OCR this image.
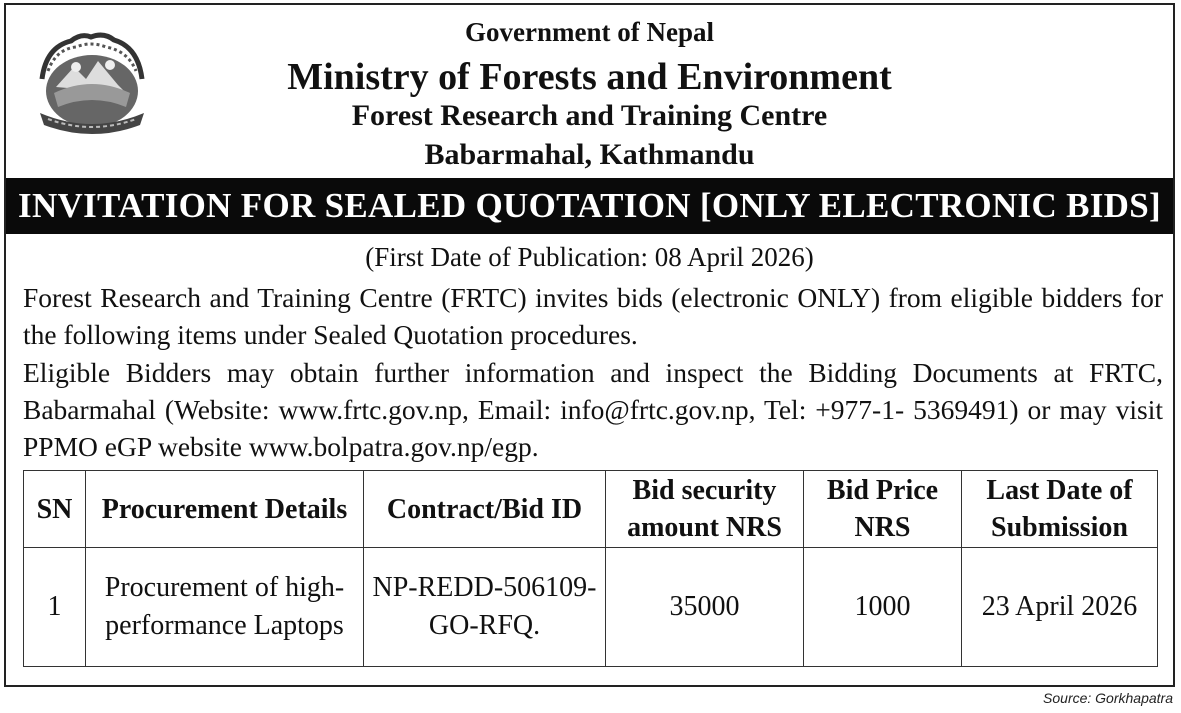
Government of Nepal
Ministry of Forests and Environment
Forest Research and Training Centre
Babarmahal, Kathmandu
INVITATION FOR SEALED QUOTATION [ONLY ELECTRONIC BIDS]
(First Date of Publication: 08 April 2026)
Forest Research and Training Centre (FRTC) invites bids (electronic ONLY) from eligible bidders for the following items under Sealed Quotation procedures.
Eligible Bidders may obtain further information and inspect the Bidding Documents at FRTC, Babarmahal (Website: www.frtc.gov.np, Email: info@frtc.gov.np, Tel: +977-1- 5369491) or may visit PPMO eGP website www.bolpatra.gov.np/egp.
SN	Procurement Details	Contract/Bid ID	Bid security amount NRS	Bid Price NRS	Last Date of Submission
1	Procurement of high-performance Laptops	NP-REDD-506109-GO-RFQ.	35000	1000	23 April 2026
Source: Gorkhapatra
